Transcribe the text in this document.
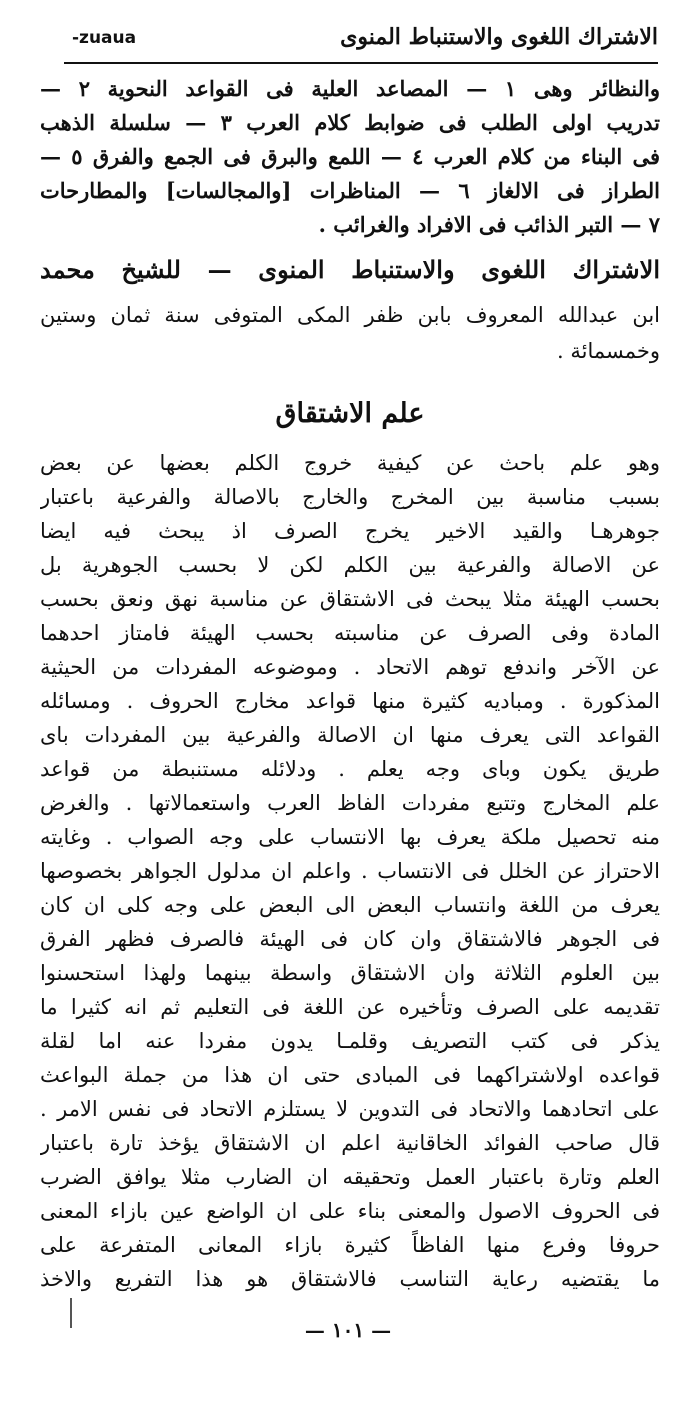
الاشتراك اللغوى والاستنباط المنوى
-zuaua
والنظائر وهى ١ — المصاعد العلية فى القواعد النحوية ٢ —
تدريب اولى الطلب فى ضوابط كلام العرب ٣ — سلسلة الذهب
فى البناء من كلام العرب ٤ — اللمع والبرق فى الجمع والفرق ٥ —
الطراز فى الالغاز ٦ — المناظرات [والمجالسات] والمطارحات
٧ — التبر الذائب فى الافراد والغرائب .
الاشتراك اللغوى والاستنباط المنوى — للشيخ محمد
ابن عبدالله المعروف بابن ظفر المكى المتوفى سنة ثمان وستين
وخمسمائة .
علم الاشتقاق
وهو علم باحث عن كيفية خروج الكلم بعضها عن بعض
بسبب مناسبة بين المخرج والخارج بالاصالة والفرعية باعتبار
جوهرهـا والقيد الاخير يخرج الصرف اذ يبحث فيه ايضا
عن الاصالة والفرعية بين الكلم لكن لا بحسب الجوهرية بل
بحسب الهيئة مثلا يبحث فى الاشتقاق عن مناسبة نهق ونعق بحسب
المادة وفى الصرف عن مناسبته بحسب الهيئة فامتاز احدهما
عن الآخر واندفع توهم الاتحاد . وموضوعه المفردات من الحيثية
المذكورة . ومباديه كثيرة منها قواعد مخارج الحروف . ومسائله
القواعد التى يعرف منها ان الاصالة والفرعية بين المفردات باى
طريق يكون وباى وجه يعلم . ودلائله مستنبطة من قواعد
علم المخارج وتتبع مفردات الفاظ العرب واستعمالاتها . والغرض
منه تحصيل ملكة يعرف بها الانتساب على وجه الصواب . وغايته
الاحتراز عن الخلل فى الانتساب . واعلم ان مدلول الجواهر بخصوصها
يعرف من اللغة وانتساب البعض الى البعض على وجه كلى ان كان
فى الجوهر فالاشتقاق وان كان فى الهيئة فالصرف فظهر الفرق
بين العلوم الثلاثة وان الاشتقاق واسطة بينهما ولهذا استحسنوا
تقديمه على الصرف وتأخيره عن اللغة فى التعليم ثم انه كثيرا ما
يذكر فى كتب التصريف وقلمـا يدون مفردا عنه اما لقلة
قواعده اولاشتراكهما فى المبادى حتى ان هذا من جملة البواعث
على اتحادهما والاتحاد فى التدوين لا يستلزم الاتحاد فى نفس الامر .
قال صاحب الفوائد الخاقانية اعلم ان الاشتقاق يؤخذ تارة باعتبار
العلم وتارة باعتبار العمل وتحقيقه ان الضارب مثلا يوافق الضرب
فى الحروف الاصول والمعنى بناء على ان الواضع عين بازاء المعنى
حروفا وفرع منها الفاظاً كثيرة بازاء المعانى المتفرعة على
ما يقتضيه رعاية التناسب فالاشتقاق هو هذا التفريع والاخذ
— ١٠١ —
